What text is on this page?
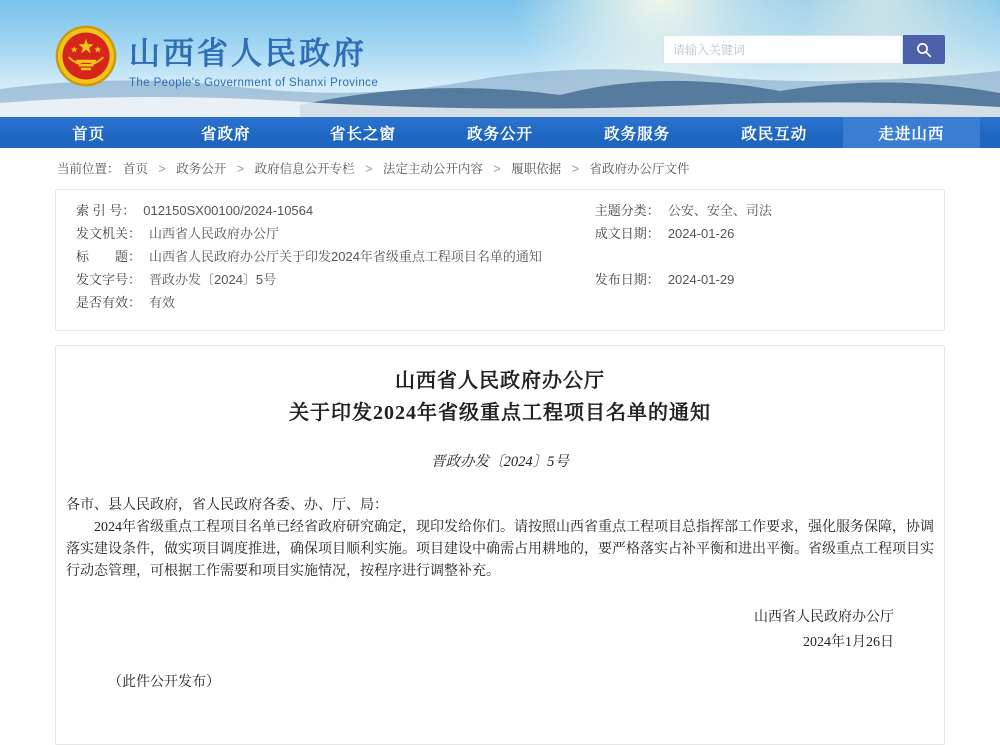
山西省人民政府
The People's Government of Shanxi Province
请输入关键词
首页	省政府	省长之窗	政务公开	政务服务	政民互动	走进山西
当前位置： 首页 > 政务公开 > 政府信息公开专栏 > 法定主动公开内容 > 履职依据 > 省政府办公厅文件
索 引 号： 012150SX00100/2024-10564
发文机关： 山西省人民政府办公厅
标　　题： 山西省人民政府办公厅关于印发2024年省级重点工程项目名单的通知
发文字号： 晋政办发〔2024〕5号
是否有效： 有效
主题分类： 公安、安全、司法
成文日期： 2024-01-26
发布日期： 2024-01-29
山西省人民政府办公厅
关于印发2024年省级重点工程项目名单的通知
晋政办发〔2024〕5号
各市、县人民政府，省人民政府各委、办、厅、局：
2024年省级重点工程项目名单已经省政府研究确定，现印发给你们。请按照山西省重点工程项目总指挥部工作要求，强化服务保障，协调落实建设条件，做实项目调度推进，确保项目顺利实施。项目建设中确需占用耕地的，要严格落实占补平衡和进出平衡。省级重点工程项目实行动态管理，可根据工作需要和项目实施情况，按程序进行调整补充。
山西省人民政府办公厅
2024年1月26日
（此件公开发布）
